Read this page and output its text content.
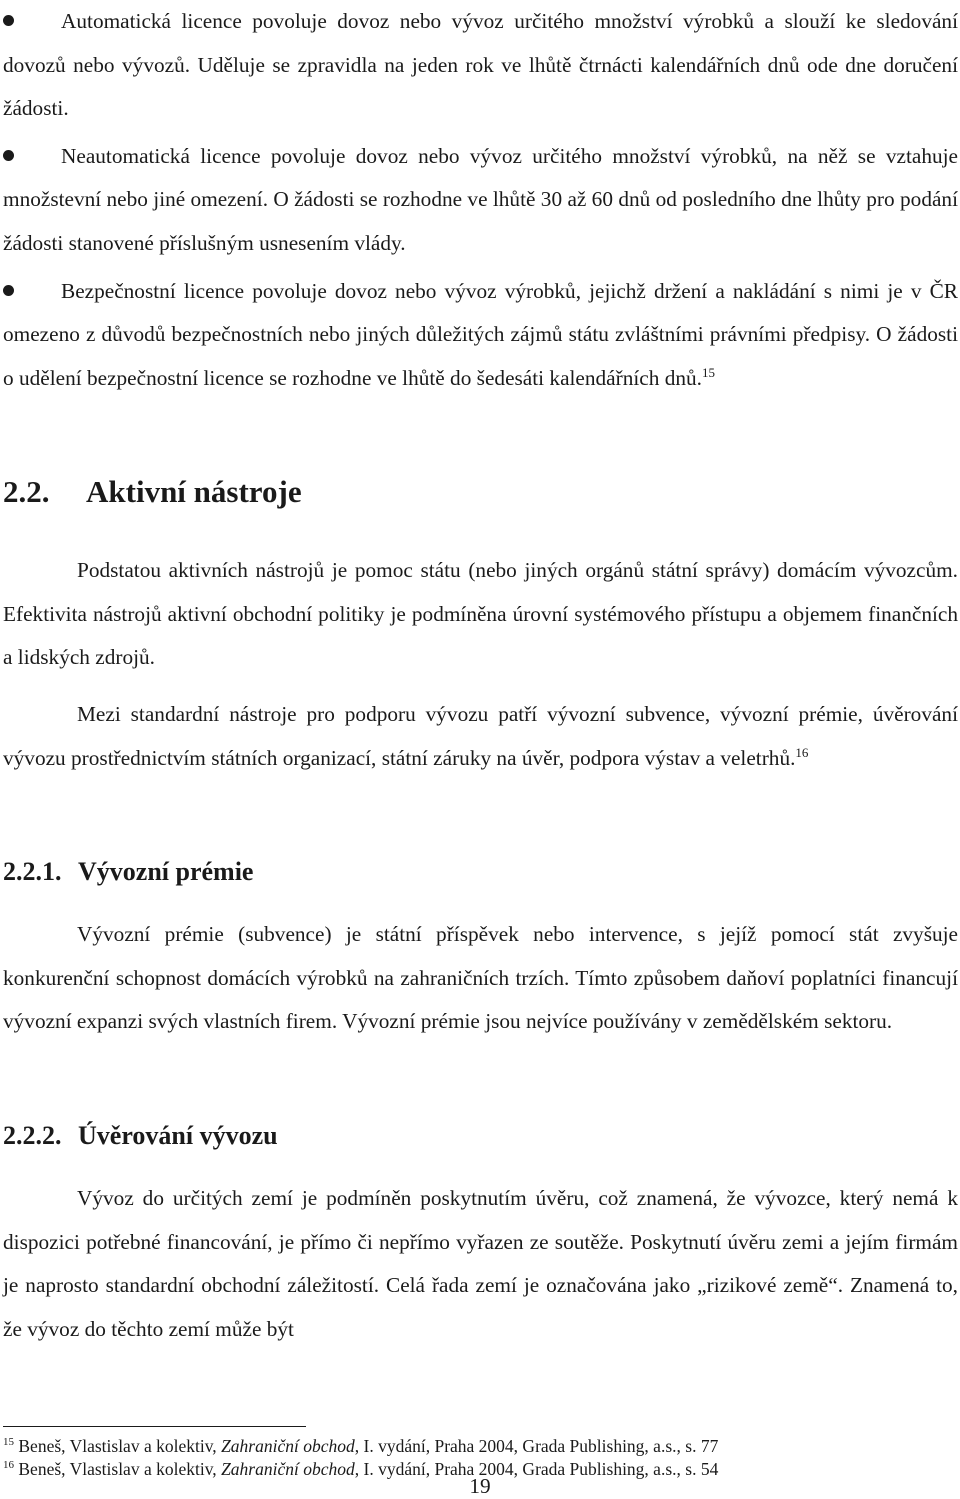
Automatická licence povoluje dovoz nebo vývoz určitého množství výrobků a slouží ke sledování dovozů nebo vývozů. Uděluje se zpravidla na jeden rok ve lhůtě čtrnácti kalendářních dnů ode dne doručení žádosti.
Neautomatická licence povoluje dovoz nebo vývoz určitého množství výrobků, na něž se vztahuje množstevní nebo jiné omezení. O žádosti se rozhodne ve lhůtě 30 až 60 dnů od posledního dne lhůty pro podání žádosti stanovené příslušným usnesením vlády.
Bezpečnostní licence povoluje dovoz nebo vývoz výrobků, jejichž držení a nakládání s nimi je v ČR omezeno z důvodů bezpečnostních nebo jiných důležitých zájmů státu zvláštními právními předpisy. O žádosti o udělení bezpečnostní licence se rozhodne ve lhůtě do šedesáti kalendářních dnů.$^{15}$
2.2. Aktivní nástroje

Podstatou aktivních nástrojů je pomoc státu (nebo jiných orgánů státní správy) domácím vývozcům. Efektivita nástrojů aktivní obchodní politiky je podmíněna úrovní systémového přístupu a objemem finančních a lidských zdrojů.

Mezi standardní nástroje pro podporu vývozu patří vývozní subvence, vývozní prémie, úvěrování vývozu prostřednictvím státních organizací, státní záruky na úvěr, podpora výstav a veletrhů.$^{16}$

2.2.1. Vývozní prémie

Vývozní prémie (subvence) je státní příspěvek nebo intervence, s jejíž pomocí stát zvyšuje konkurenční schopnost domácích výrobků na zahraničních trzích. Tímto způsobem daňoví poplatníci financují vývozní expanzi svých vlastních firem. Vývozní prémie jsou nejvíce používány v zemědělském sektoru.

2.2.2. Úvěrování vývozu

Vývoz do určitých zemí je podmíněn poskytnutím úvěru, což znamená, že vývozce, který nemá k dispozici potřebné financování, je přímo či nepřímo vyřazen ze soutěže. Poskytnutí úvěru zemi a jejím firmám je naprosto standardní obchodní záležitostí. Celá řada zemí je označována jako „rizikové země“. Znamená to, že vývoz do těchto zemí může být

$^{15}$ Beneš, Vlastislav a kolektiv, Zahraniční obchod, I. vydání, Praha 2004, Grada Publishing, a.s., s. 77

$^{16}$ Beneš, Vlastislav a kolektiv, Zahraniční obchod, I. vydání, Praha 2004, Grada Publishing, a.s., s. 54

19
